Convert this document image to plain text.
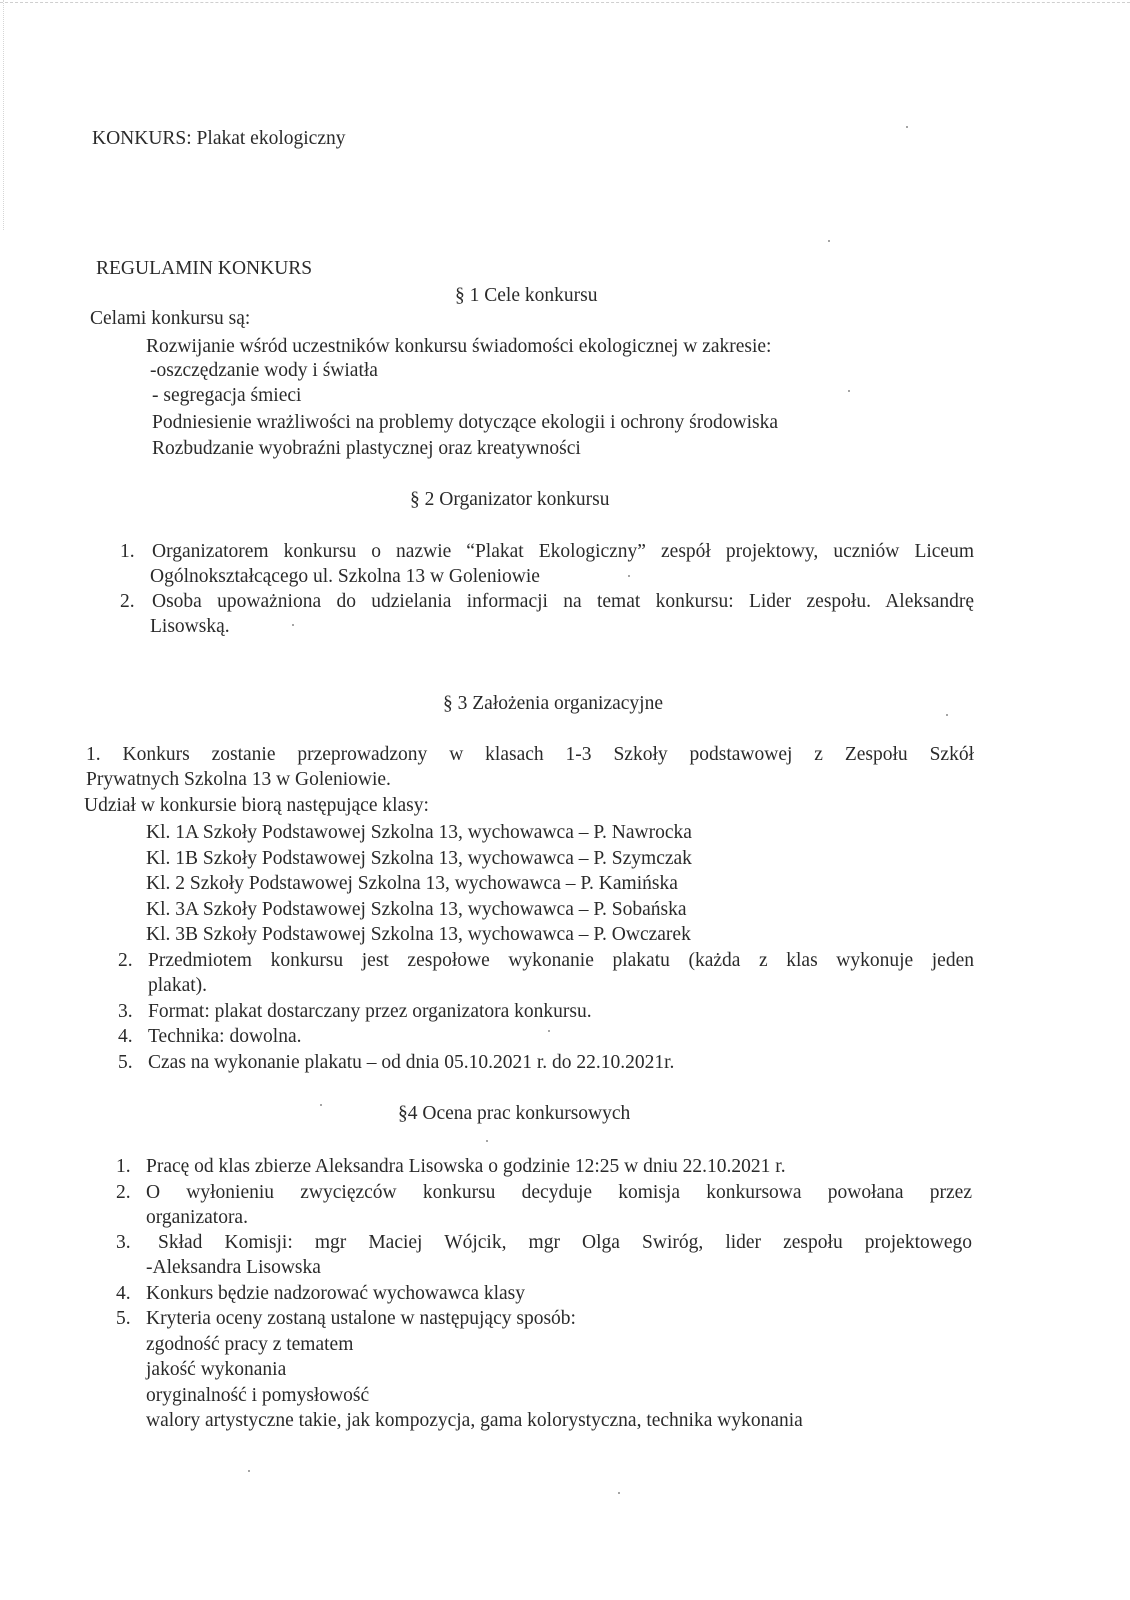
KONKURS: Plakat ekologiczny
REGULAMIN KONKURS
§ 1 Cele konkursu
Celami konkursu są:
Rozwijanie wśród uczestników konkursu świadomości ekologicznej w zakresie:
-oszczędzanie wody i światła
- segregacja śmieci
Podniesienie wrażliwości na problemy dotyczące ekologii i ochrony środowiska
Rozbudzanie wyobraźni plastycznej oraz kreatywności
§ 2 Organizator konkursu
1. Organizatorem konkursu o nazwie “Plakat Ekologiczny” zespół projektowy, uczniów Liceum
Ogólnokształcącego ul. Szkolna 13 w Goleniowie
2. Osoba upoważniona do udzielania informacji na temat konkursu: Lider zespołu. Aleksandrę
Lisowską.
§ 3 Założenia organizacyjne
1. Konkurs zostanie przeprowadzony w klasach 1-3 Szkoły podstawowej z Zespołu Szkół
Prywatnych Szkolna 13 w Goleniowie.
Udział w konkursie biorą następujące klasy:
Kl. 1A Szkoły Podstawowej Szkolna 13, wychowawca – P. Nawrocka
Kl. 1B Szkoły Podstawowej Szkolna 13, wychowawca – P. Szymczak
Kl. 2 Szkoły Podstawowej Szkolna 13, wychowawca – P. Kamińska
Kl. 3A Szkoły Podstawowej Szkolna 13, wychowawca – P. Sobańska
Kl. 3B Szkoły Podstawowej Szkolna 13, wychowawca – P. Owczarek
2. Przedmiotem konkursu jest zespołowe wykonanie plakatu (każda z klas wykonuje jeden
plakat).
3. Format: plakat dostarczany przez organizatora konkursu.
4. Technika: dowolna.
5. Czas na wykonanie plakatu – od dnia 05.10.2021 r. do 22.10.2021r.
§4 Ocena prac konkursowych
1. Pracę od klas zbierze Aleksandra Lisowska o godzinie 12:25 w dniu 22.10.2021 r.
2. O wyłonieniu zwycięzców konkursu decyduje komisja konkursowa powołana przez
organizatora.
3. Skład Komisji: mgr Maciej Wójcik, mgr Olga Swiróg, lider zespołu projektowego
-Aleksandra Lisowska
4. Konkurs będzie nadzorować wychowawca klasy
5. Kryteria oceny zostaną ustalone w następujący sposób:
zgodność pracy z tematem
jakość wykonania
oryginalność i pomysłowość
walory artystyczne takie, jak kompozycja, gama kolorystyczna, technika wykonania
